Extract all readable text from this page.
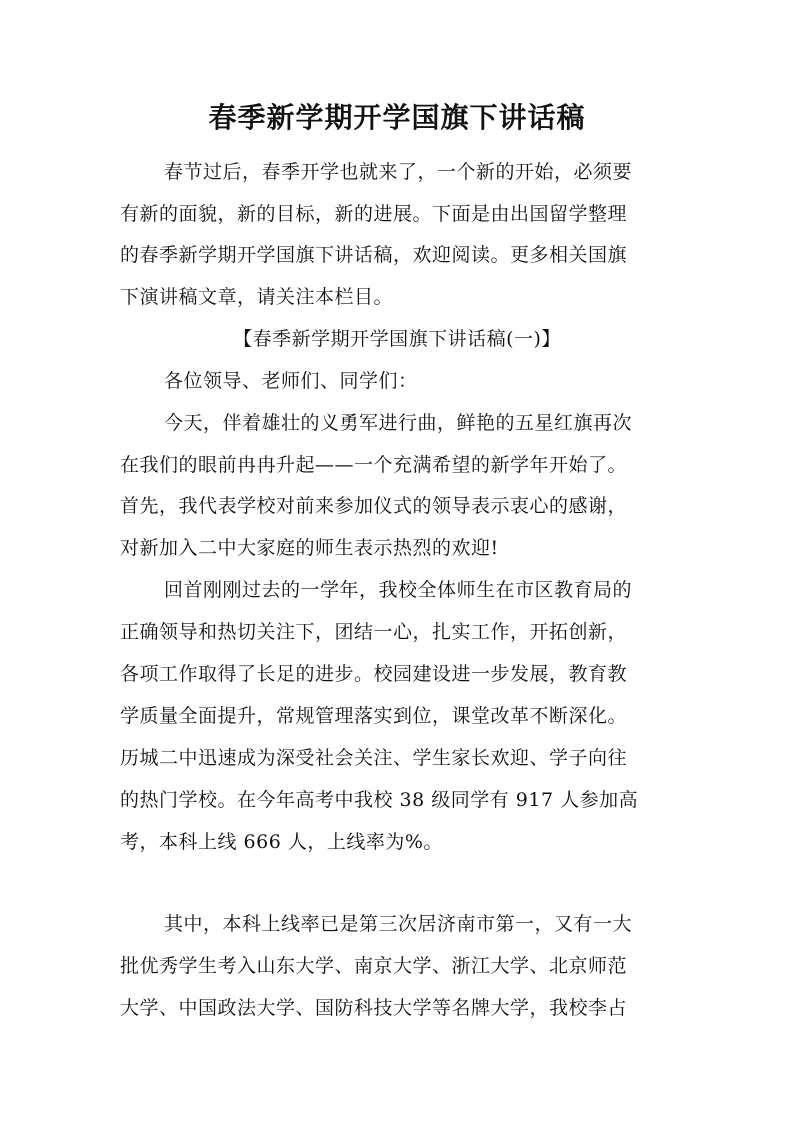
春季新学期开学国旗下讲话稿
春节过后，春季开学也就来了，一个新的开始，必须要
有新的面貌，新的目标，新的进展。下面是由出国留学整理
的春季新学期开学国旗下讲话稿，欢迎阅读。更多相关国旗
下演讲稿文章，请关注本栏目。
【春季新学期开学国旗下讲话稿(一)】
各位领导、老师们、同学们：
今天，伴着雄壮的义勇军进行曲，鲜艳的五星红旗再次
在我们的眼前冉冉升起——一个充满希望的新学年开始了。
首先，我代表学校对前来参加仪式的领导表示衷心的感谢，
对新加入二中大家庭的师生表示热烈的欢迎!
回首刚刚过去的一学年，我校全体师生在市区教育局的
正确领导和热切关注下，团结一心，扎实工作，开拓创新，
各项工作取得了长足的进步。校园建设进一步发展，教育教
学质量全面提升，常规管理落实到位，课堂改革不断深化。
历城二中迅速成为深受社会关注、学生家长欢迎、学子向往
的热门学校。在今年高考中我校 38 级同学有 917 人参加高
考，本科上线 666 人，上线率为%。
其中，本科上线率已是第三次居济南市第一，又有一大
批优秀学生考入山东大学、南京大学、浙江大学、北京师范
大学、中国政法大学、国防科技大学等名牌大学，我校李占
